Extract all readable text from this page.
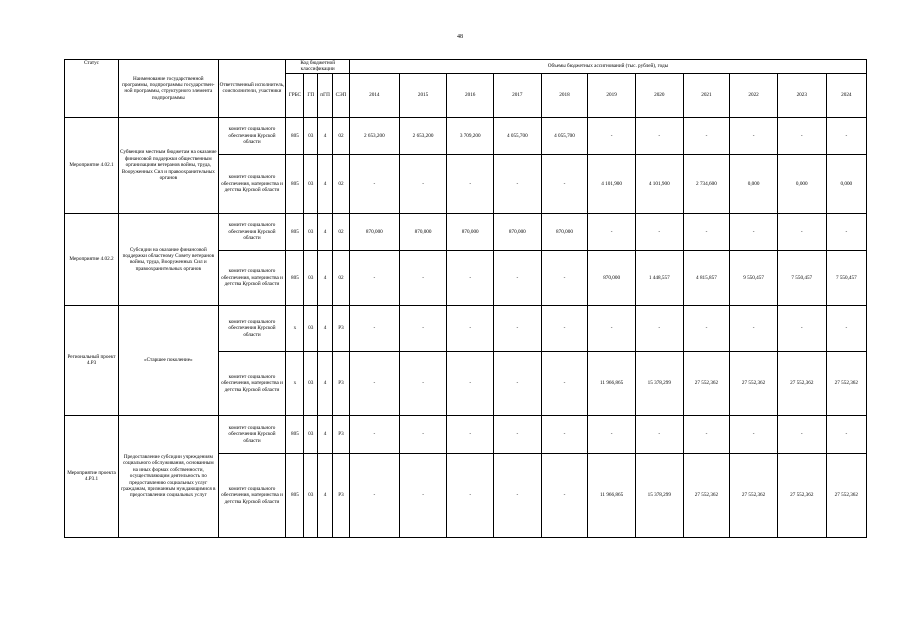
48
Статус	Наименование государственной программы, подпрограммы государствен-ной программы, структурного элемента подпрограммы	Ответственный исполнитель, соисполнители, участники	Код бюджетной классификации				Объемы бюджетных ассигнований (тыс. рублей), годы										
			ГРБС	ГП	пГП	СЭП	2014	2015	2016	2017	2018	2019	2020	2021	2022	2023	2024
Мероприятие 4.02.1	Субвенции местным бюджетам на оказание финансовой поддержки общественным организациям ветеранов войны, труда, Вооруженных Сил и правоохранительных органов	комитет социального обеспечения Курской области	805	03	4	02	2 653,200	2 653,200	3 709,200	4 055,700	4 055,700	-	-	-	-	-	-
		комитет социального обеспечения, материнства и детства Курской области	805	03	4	02	-	-	-	-	-	4 101,900	4 101,900	2 734,600	0,000	0,000	0,000
Мероприятие 4.02.2	Субсидии на оказание финансовой поддержки областному Совету ветеранов войны, труда, Вооруженных Сил и правоохранительных органов	комитет социального обеспечения Курской области	805	03	4	02	870,000	870,000	870,000	870,000	870,000	-	-	-	-	-	-
		комитет социального обеспечения, материнства и детства Курской области	805	03	4	02	-	-	-	-	-	870,000	1 448,557	4 815,857	9 550,457	7 550,457	7 550,457
Региональный проект 4.Р3	«Старшее поколение»	комитет социального обеспечения Курской области	x	03	4	Р3	-	-	-	-	-	-	-	-	-	-	-
		комитет социального обеспечения, материнства и детства Курской области	x	03	4	Р3	-	-	-	-	-	11 966,865	15 378,299	27 552,362	27 552,362	27 552,362	27 552,362
Мероприятие проекта 4.Р3.1	Предоставление субсидии учреждениям социального обслуживания, основанным на иных формах собственности, осуществляющим деятельность по предоставлению социальных услуг гражданам, признанным нуждающимися в предоставлении социальных услуг	комитет социального обеспечения Курской области	805	03	4	Р3	-	-	-	-	-	-	-	-	-	-	-
		комитет социального обеспечения, материнства и детства Курской области	805	03	4	Р3	-	-	-	-	-	11 966,865	15 378,299	27 552,362	27 552,362	27 552,362	27 552,362
